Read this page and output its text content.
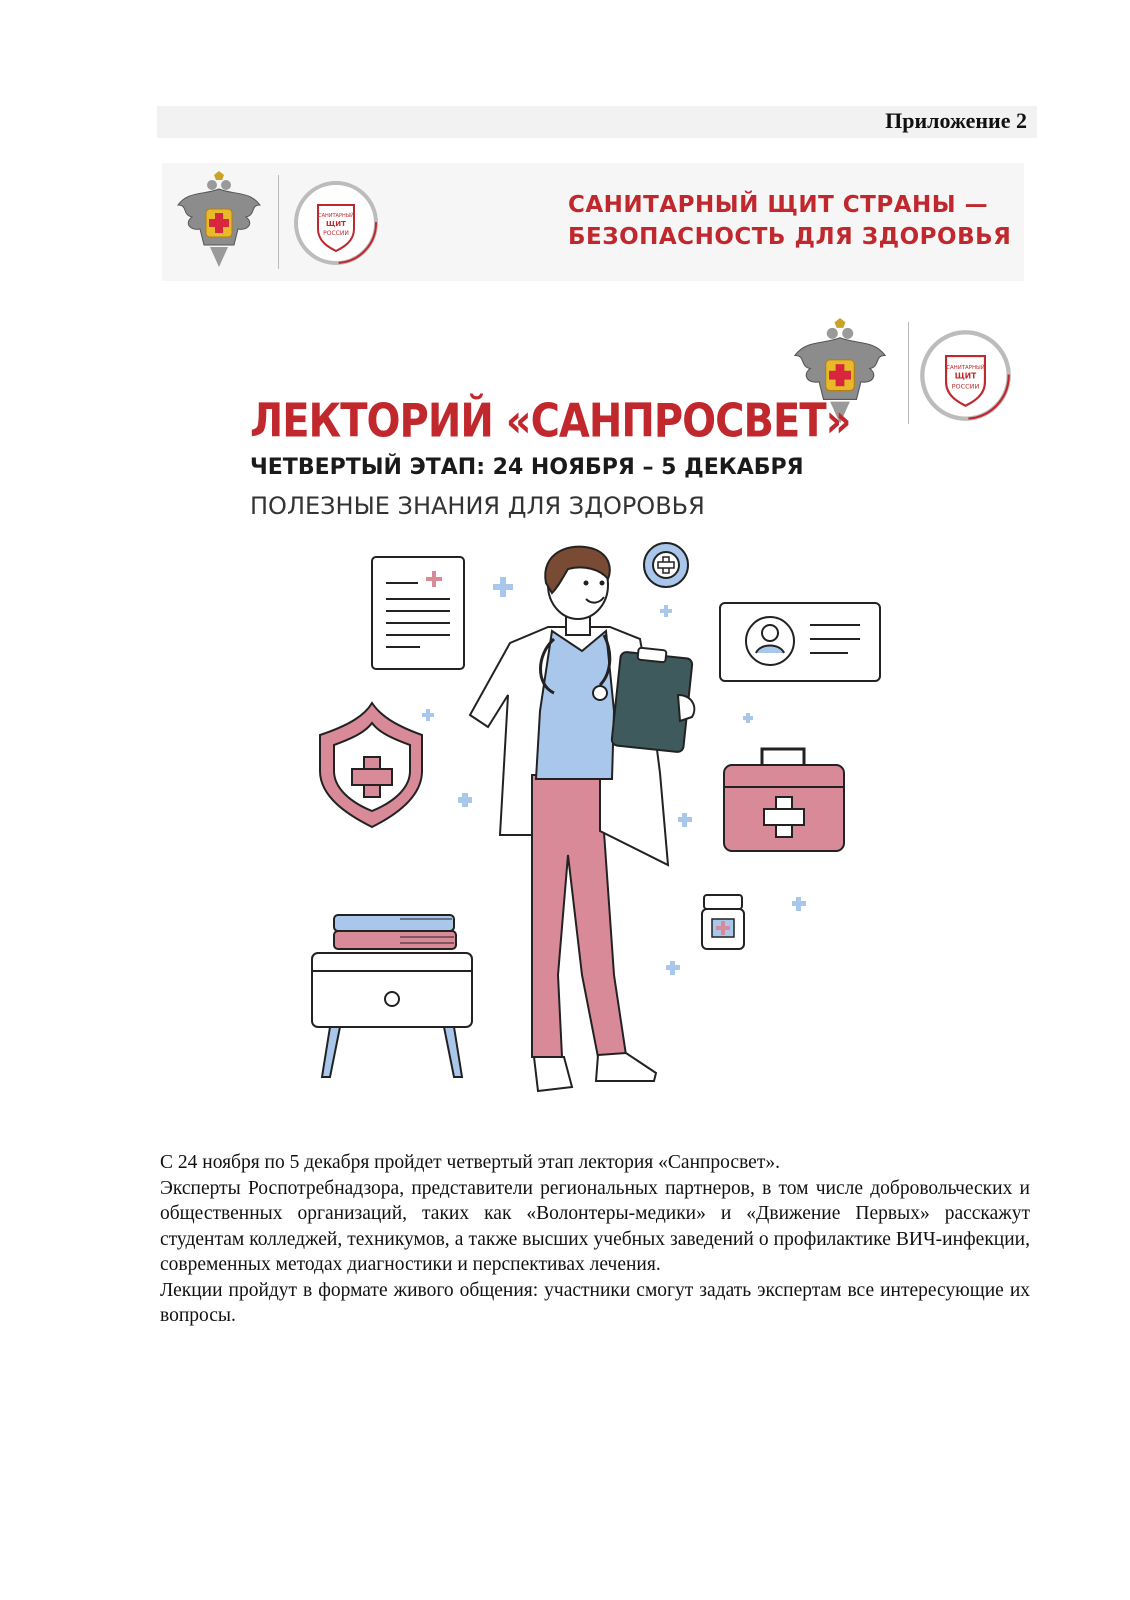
Приложение 2
САНИТАРНЫЙ
ЩИТ
РОССИИ
САНИТАРНЫЙ ЩИТ СТРАНЫ —
БЕЗОПАСНОСТЬ ДЛЯ ЗДОРОВЬЯ
САНИТАРНЫЙ
ЩИТ
РОССИИ
ЛЕКТОРИЙ «САНПРОСВЕТ»
ЧЕТВЕРТЫЙ ЭТАП: 24 НОЯБРЯ – 5 ДЕКАБРЯ
ПОЛЕЗНЫЕ ЗНАНИЯ ДЛЯ ЗДОРОВЬЯ

С 24 ноября по 5 декабря пройдет четвертый этап лектория «Санпросвет».

Эксперты Роспотребнадзора, представители региональных партнеров, в том числе добровольческих и общественных организаций, таких как «Волонтеры-медики» и «Движение Первых» расскажут студентам колледжей, техникумов, а также высших учебных заведений о профилактике ВИЧ-инфекции, современных методах диагностики и перспективах лечения.

Лекции пройдут в формате живого общения: участники смогут задать экспертам все интересующие их вопросы.
